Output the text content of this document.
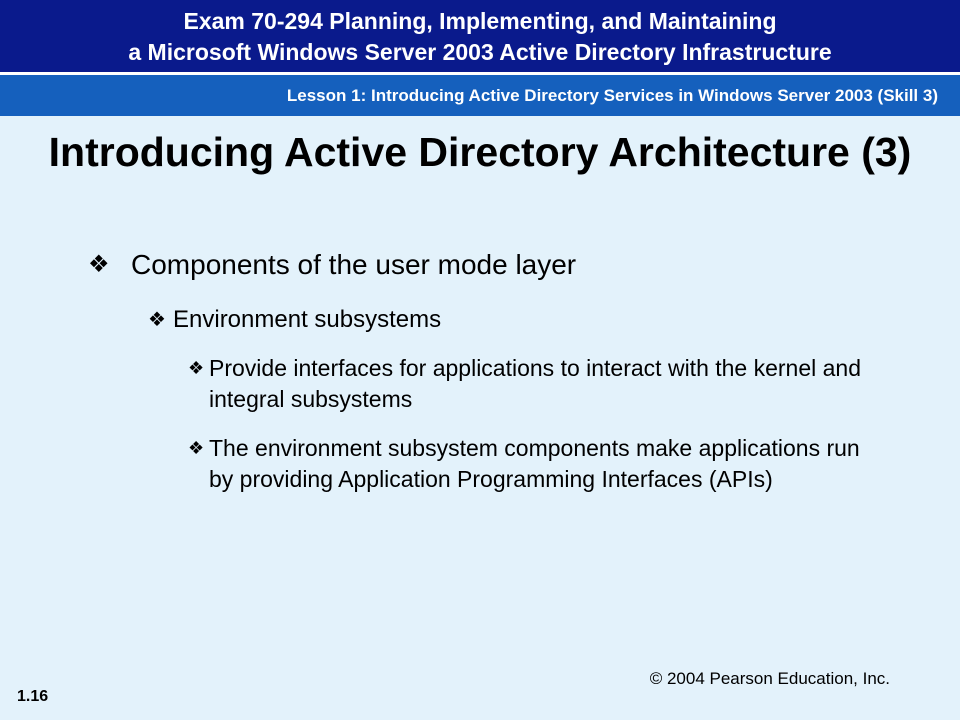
Exam 70-294 Planning, Implementing, and Maintaining
a Microsoft Windows Server 2003 Active Directory Infrastructure
Lesson 1: Introducing Active Directory Services in Windows Server 2003 (Skill 3)
Introducing Active Directory Architecture (3)
❖ Components of the user mode layer
❖ Environment subsystems
❖ Provide interfaces for applications to interact with the kernel and integral subsystems
❖ The environment subsystem components make applications run by providing Application Programming Interfaces (APIs)
© 2004 Pearson Education, Inc.
1.16
